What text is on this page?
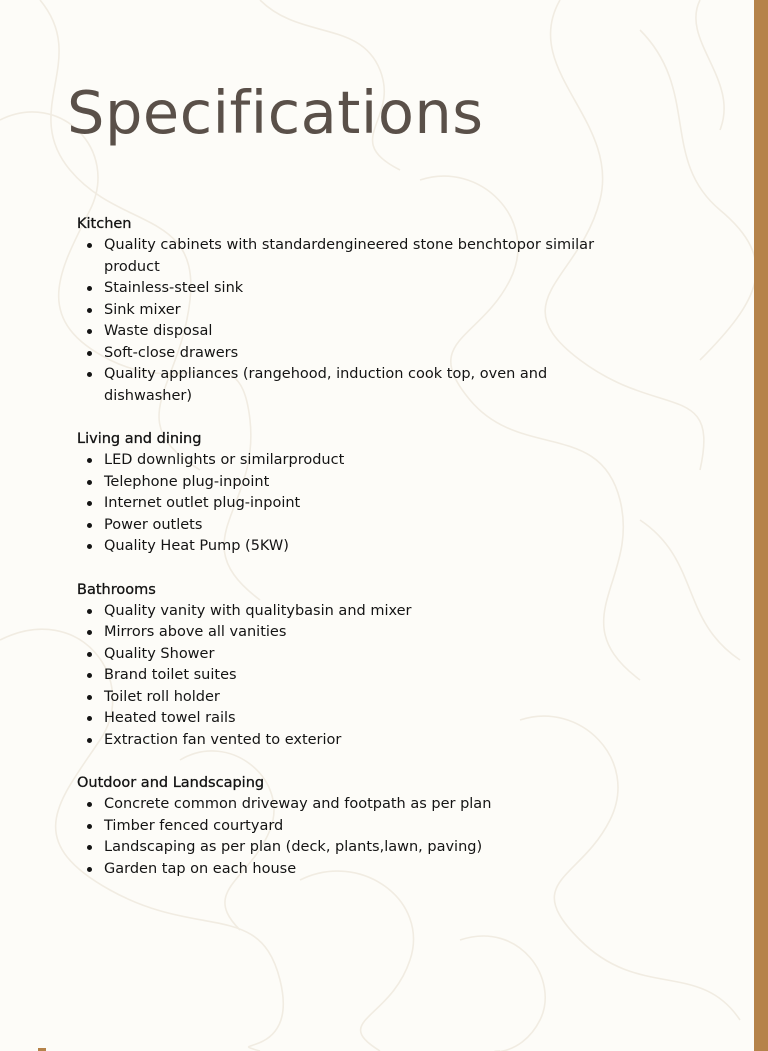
Specifications
Kitchen
Quality cabinets with standardengineered stone benchtopor similar product
Stainless-steel sink
Sink mixer
Waste disposal
Soft-close drawers
Quality appliances (rangehood, induction cook top, oven and dishwasher)
Living and dining
LED downlights or similarproduct
Telephone plug-inpoint
Internet outlet plug-inpoint
Power outlets
Quality Heat Pump (5KW)
Bathrooms
Quality vanity with qualitybasin and mixer
Mirrors above all vanities
Quality Shower
Brand toilet suites
Toilet roll holder
Heated towel rails
Extraction fan vented to exterior
Outdoor and Landscaping
Concrete common driveway and footpath as per plan
Timber fenced courtyard
Landscaping as per plan (deck, plants,lawn, paving)
Garden tap on each house
